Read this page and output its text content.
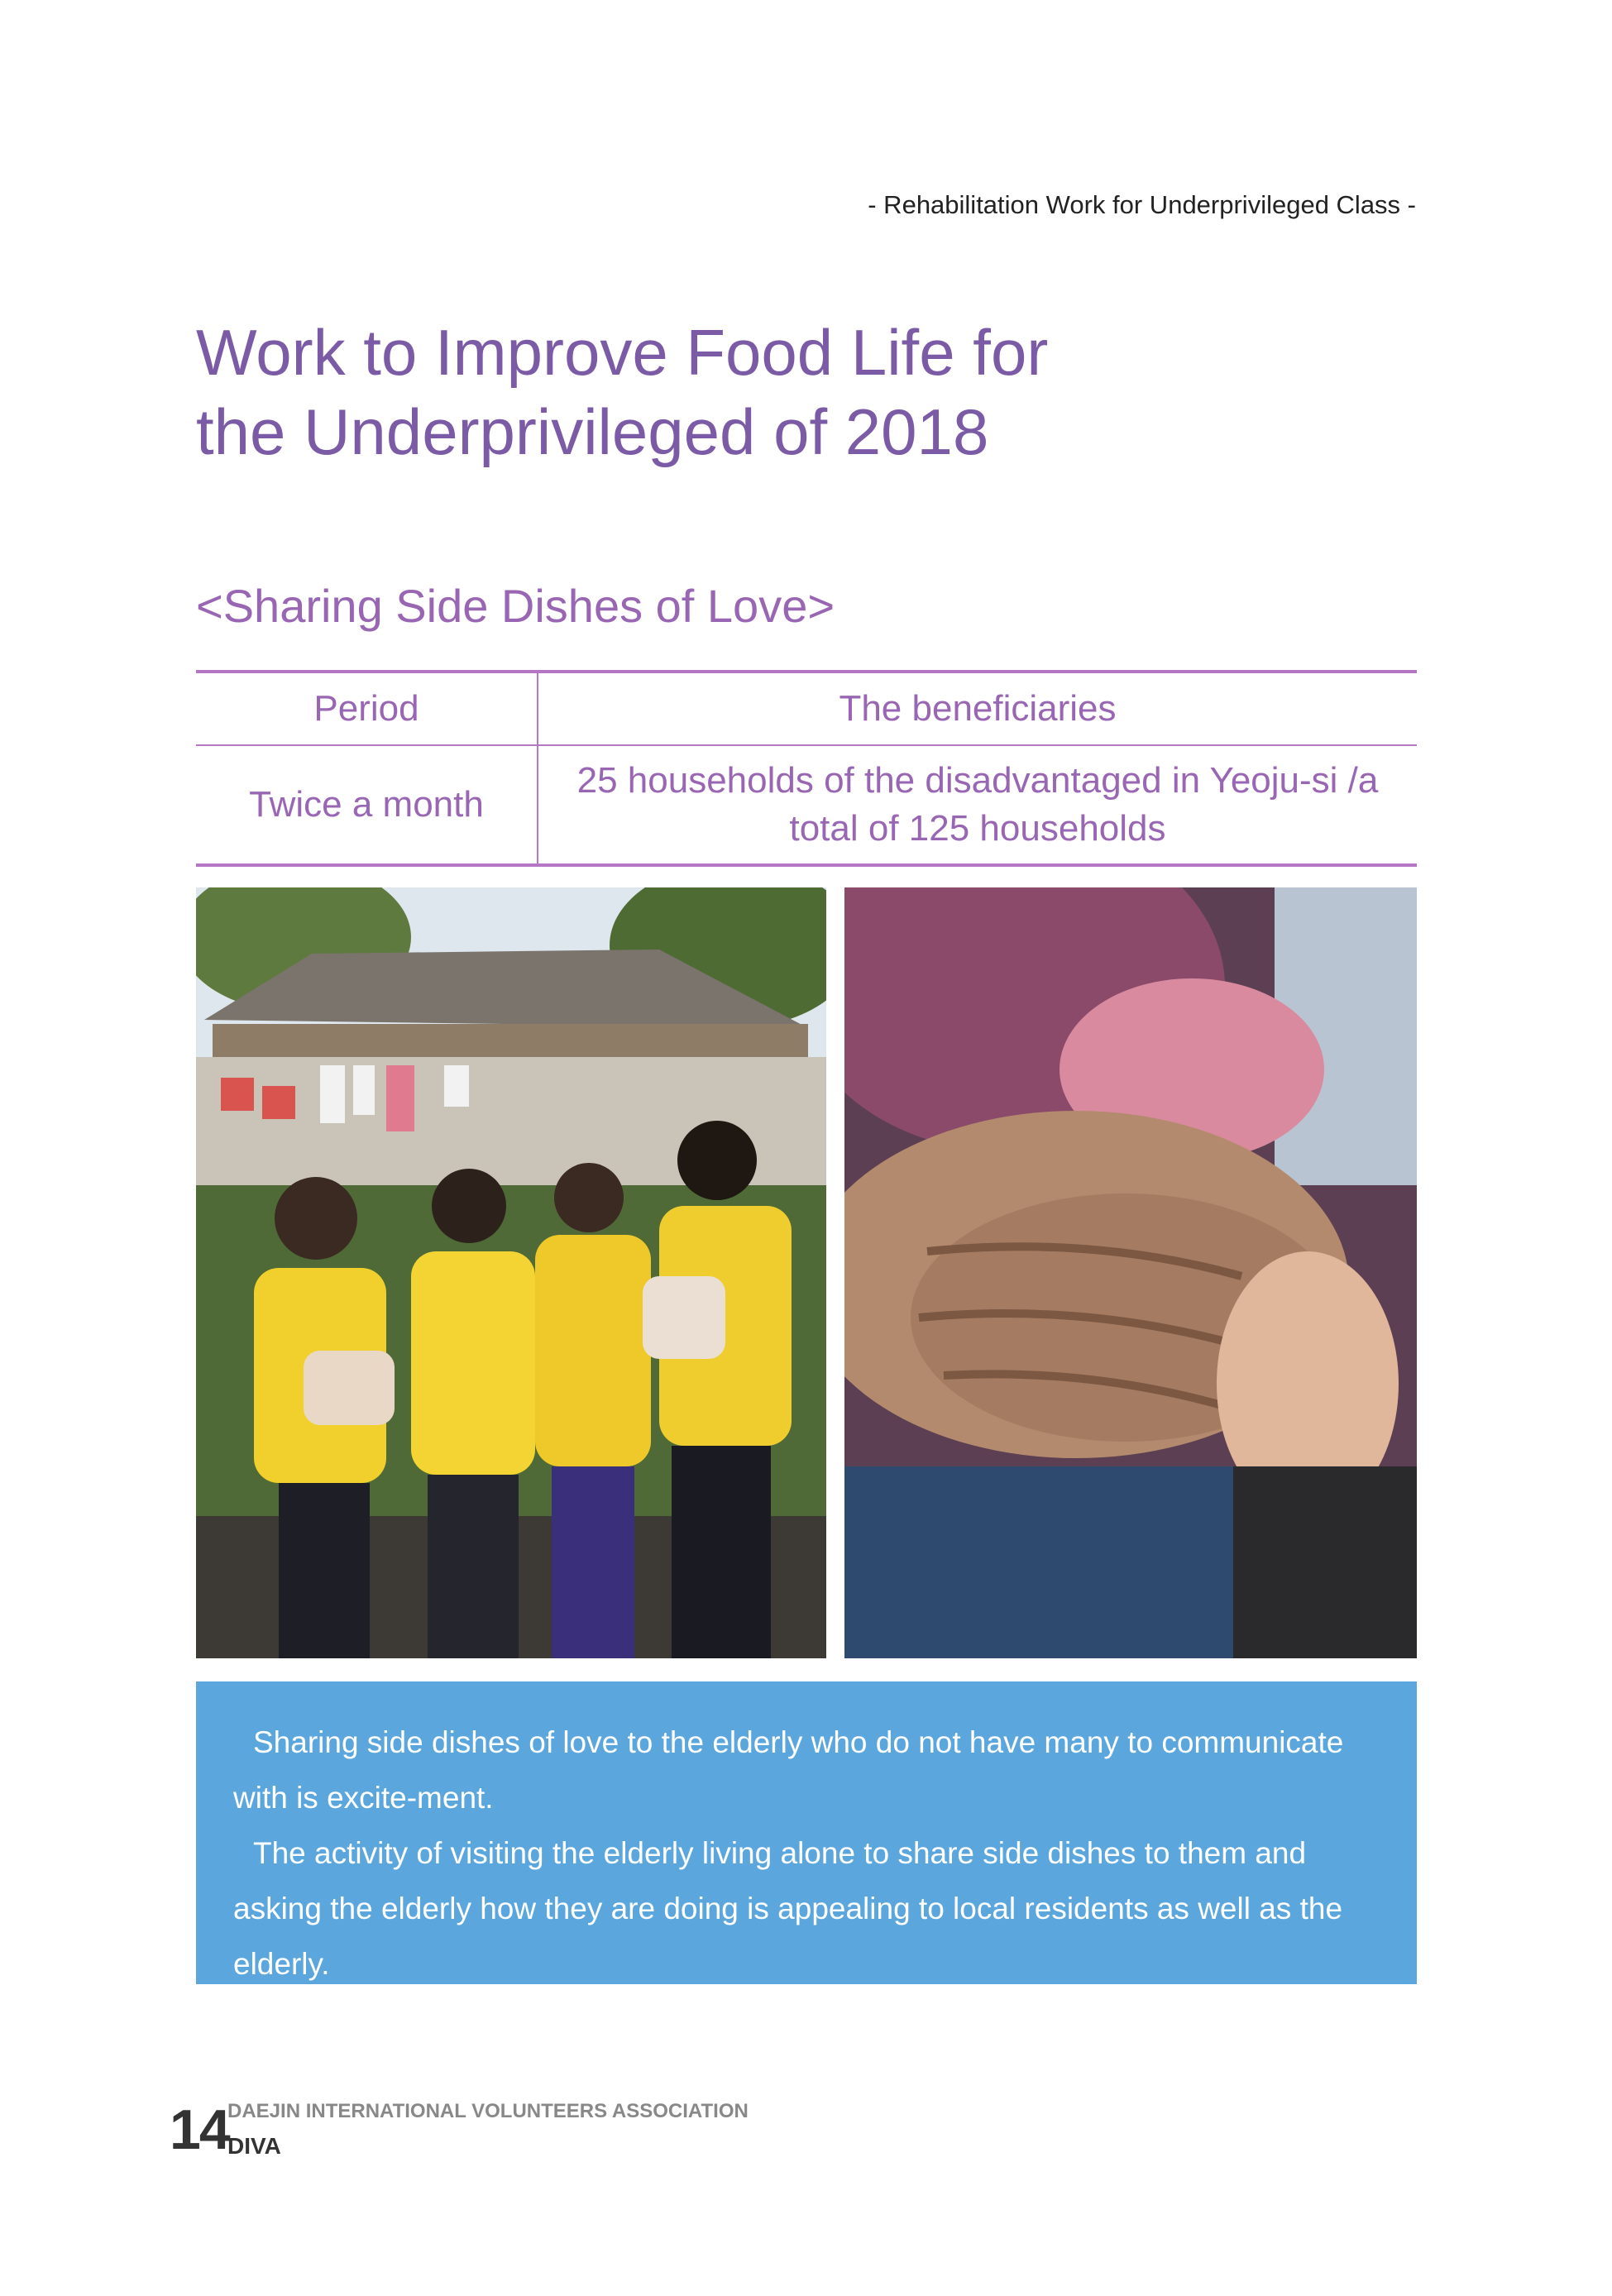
- Rehabilitation Work for Underprivileged Class -
Work to Improve Food Life for
the Underprivileged of 2018
<Sharing Side Dishes of Love>
Period	The beneficiaries
Twice a month	25 households of the disadvantaged in Yeoju-si /a total of 125 households

Sharing side dishes of love to the elderly who do not have many to communicate with is excite-ment.

The activity of visiting the elderly living alone to share side dishes to them and asking the elderly how they are doing is appealing to local residents as well as the elderly.

14
DAEJIN INTERNATIONAL VOLUNTEERS ASSOCIATION
DIVA
